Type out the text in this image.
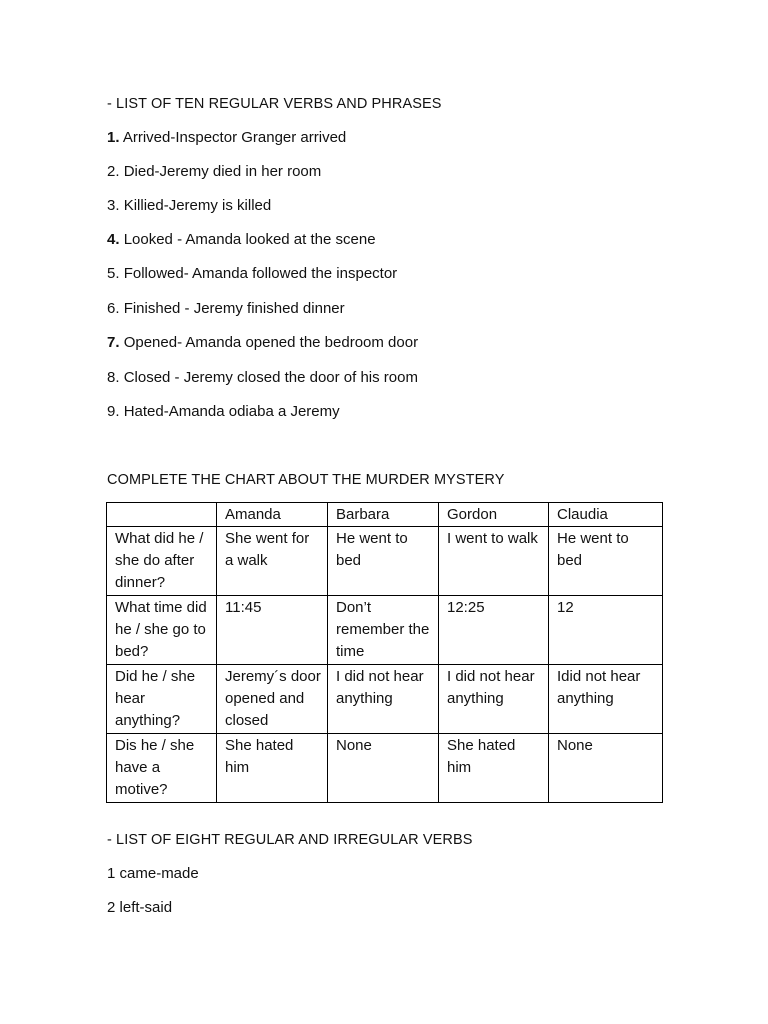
- LIST OF TEN REGULAR VERBS AND PHRASES
1. Arrived-Inspector Granger arrived
2. Died-Jeremy died in her room
3. Killied-Jeremy is killed
4. Looked - Amanda looked at the scene
5. Followed- Amanda followed the inspector
6. Finished - Jeremy finished dinner
7. Opened- Amanda opened the bedroom door
8. Closed - Jeremy closed the door of his room
9. Hated-Amanda odiaba a Jeremy
COMPLETE THE CHART ABOUT THE MURDER MYSTERY
	Amanda	Barbara	Gordon	Claudia
What did he / she do after dinner?	She went for a walk	He went to bed	I went to walk	He went to bed
What time did he / she go to bed?	11:45	Don’t remember the time	12:25	12
Did he / she hear anything?	Jeremy´s door opened and closed	I did not hear anything	I did not hear anything	Idid not hear anything
Dis he / she have a motive?	She hated him	None	She hated him	None
- LIST OF EIGHT REGULAR AND IRREGULAR VERBS
1 came-made
2 left-said
